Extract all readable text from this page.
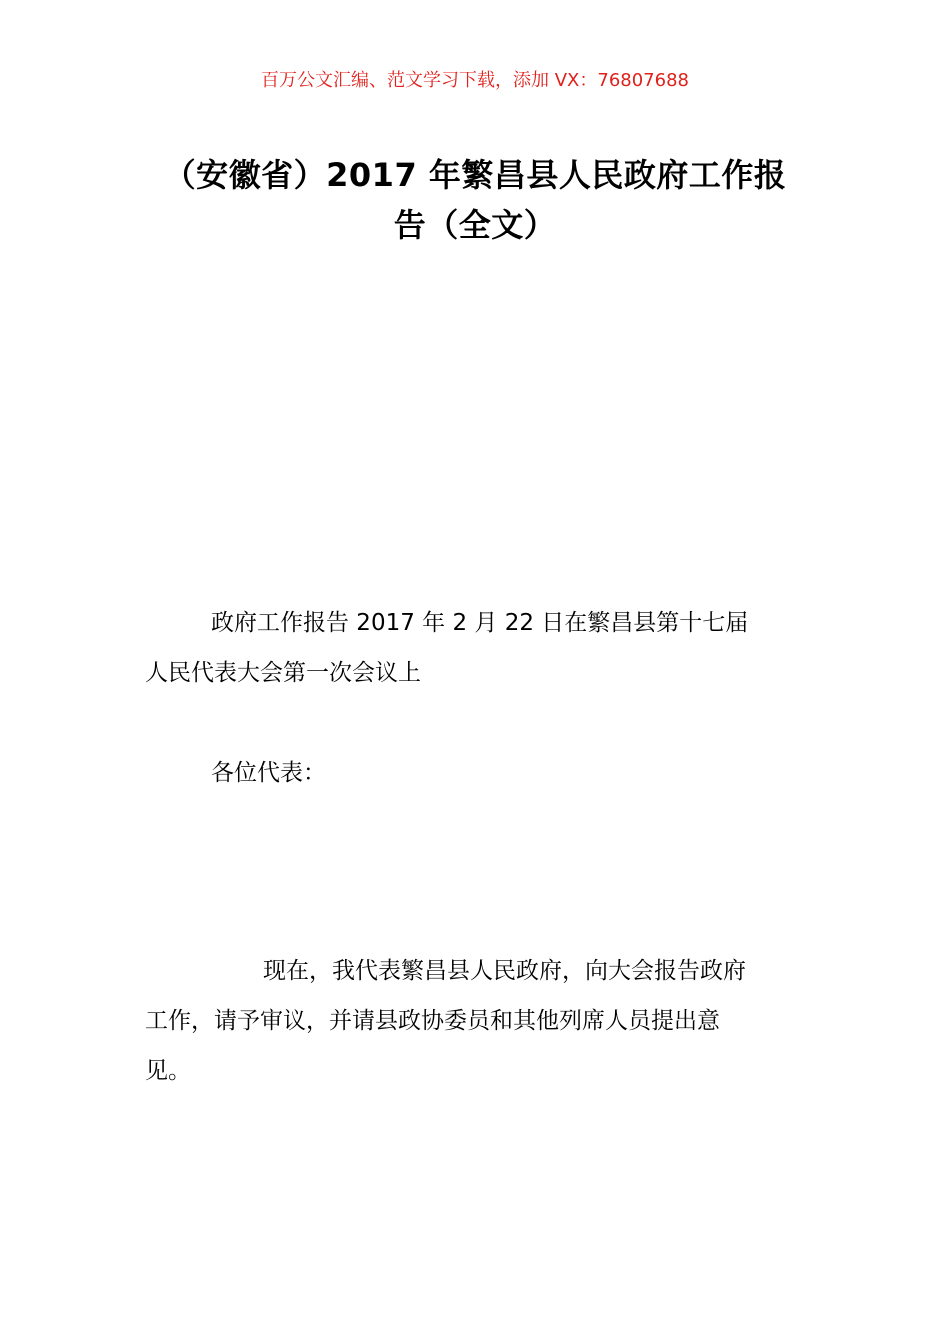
百万公文汇编、范文学习下载，添加 VX：76807688
（安徽省）2017 年繁昌县人民政府工作报
告（全文）
政府工作报告 2017 年 2 月 22 日在繁昌县第十七届
人民代表大会第一次会议上
各位代表：
现在，我代表繁昌县人民政府，向大会报告政府
工作，请予审议，并请县政协委员和其他列席人员提出意
见。
